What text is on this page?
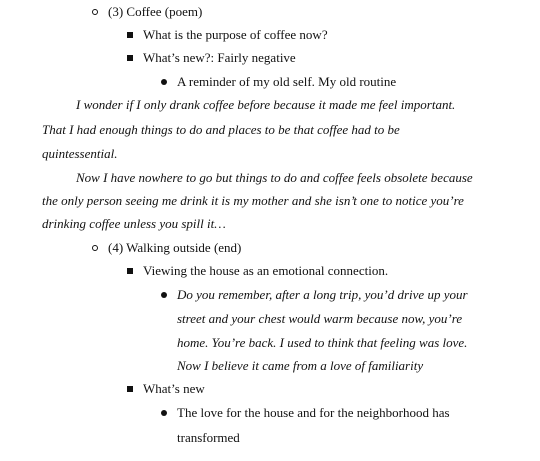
(3) Coffee (poem)
What is the purpose of coffee now?
What’s new?: Fairly negative
A reminder of my old self. My old routine
I wonder if I only drank coffee before because it made me feel important.
That I had enough things to do and places to be that coffee had to be
quintessential.
Now I have nowhere to go but things to do and coffee feels obsolete because
the only person seeing me drink it is my mother and she isn’t one to notice you’re
drinking coffee unless you spill it…
(4) Walking outside (end)
Viewing the house as an emotional connection.
Do you remember, after a long trip, you’d drive up your
street and your chest would warm because now, you’re
home. You’re back. I used to think that feeling was love.
Now I believe it came from a love of familiarity
What’s new
The love for the house and for the neighborhood has
transformed
